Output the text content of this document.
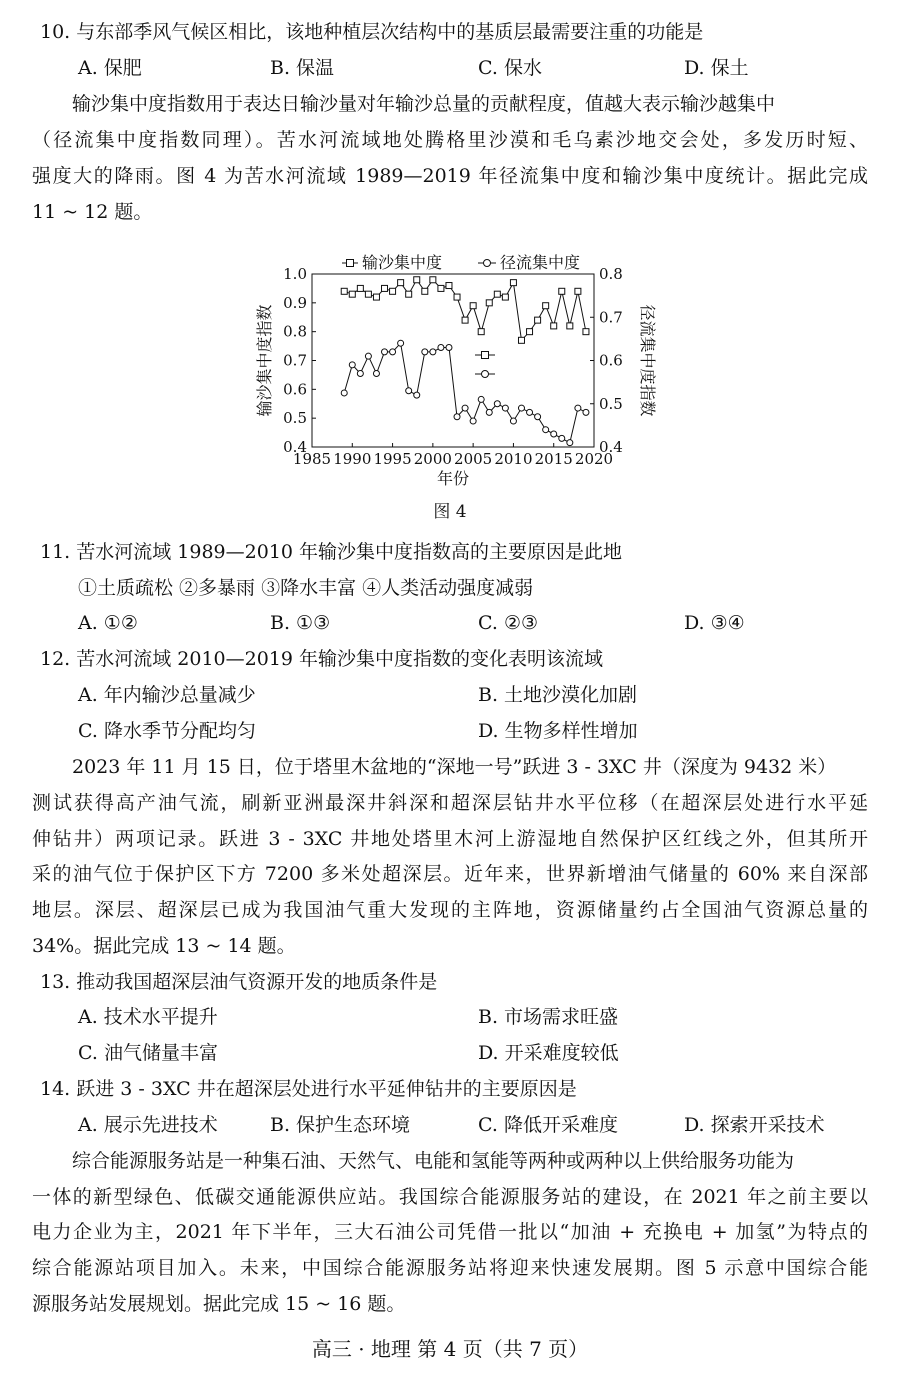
10. 与东部季风气候区相比，该地种植层次结构中的基质层最需要注重的功能是
A. 保肥	B. 保温	C. 保水	D. 保土
输沙集中度指数用于表达日输沙量对年输沙总量的贡献程度，值越大表示输沙越集中
（径流集中度指数同理）。苦水河流域地处腾格里沙漠和毛乌素沙地交会处，多发历时短、
强度大的降雨。图 4 为苦水河流域 1989—2019 年径流集中度和输沙集中度统计。据此完成
11 ~ 12 题。
输沙集中度	径流集中度
1985 1990 1995 2000 2005 2010 2015 2020
0.4
0.5
0.6
0.7
0.8
0.9
1.0
0.4
0.5
0.6
0.7
0.8
年份
输沙集中度指数	径流集中度指数
图 4
11. 苦水河流域 1989—2010 年输沙集中度指数高的主要原因是此地
①土质疏松 ②多暴雨 ③降水丰富 ④人类活动强度减弱
A. ①②	B. ①③	C. ②③	D. ③④
12. 苦水河流域 2010—2019 年输沙集中度指数的变化表明该流域
A. 年内输沙总量减少	B. 土地沙漠化加剧
C. 降水季节分配均匀	D. 生物多样性增加
2023 年 11 月 15 日，位于塔里木盆地的“深地一号”跃进 3 - 3XC 井（深度为 9432 米）
测试获得高产油气流，刷新亚洲最深井斜深和超深层钻井水平位移（在超深层处进行水平延
伸钻井）两项记录。跃进 3 - 3XC 井地处塔里木河上游湿地自然保护区红线之外，但其所开
采的油气位于保护区下方 7200 多米处超深层。近年来，世界新增油气储量的 60% 来自深部
地层。深层、超深层已成为我国油气重大发现的主阵地，资源储量约占全国油气资源总量的
34%。据此完成 13 ~ 14 题。
13. 推动我国超深层油气资源开发的地质条件是
A. 技术水平提升	B. 市场需求旺盛
C. 油气储量丰富	D. 开采难度较低
14. 跃进 3 - 3XC 井在超深层处进行水平延伸钻井的主要原因是
A. 展示先进技术	B. 保护生态环境	C. 降低开采难度	D. 探索开采技术
综合能源服务站是一种集石油、天然气、电能和氢能等两种或两种以上供给服务功能为
一体的新型绿色、低碳交通能源供应站。我国综合能源服务站的建设，在 2021 年之前主要以
电力企业为主，2021 年下半年，三大石油公司凭借一批以“加油 + 充换电 + 加氢”为特点的
综合能源站项目加入。未来，中国综合能源服务站将迎来快速发展期。图 5 示意中国综合能
源服务站发展规划。据此完成 15 ~ 16 题。
高三 · 地理 第 4 页（共 7 页）
